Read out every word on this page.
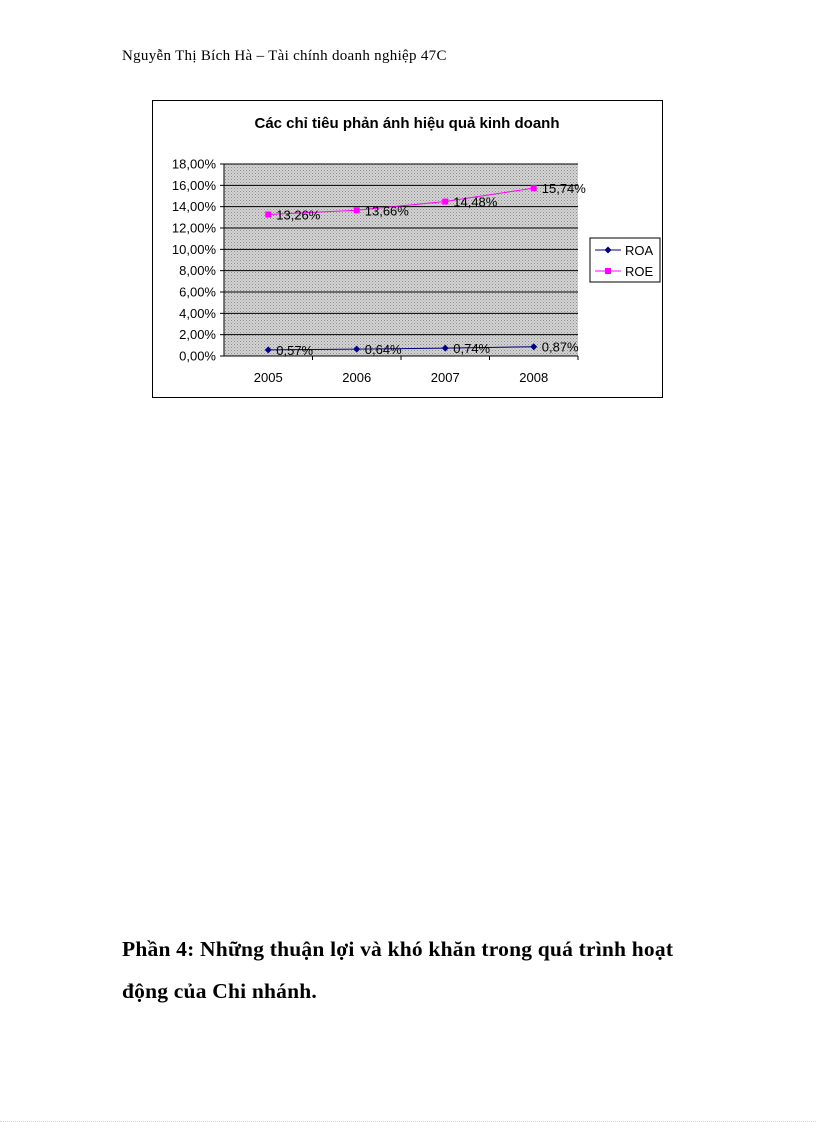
Nguyễn Thị Bích Hà – Tài chính doanh nghiệp 47C
Các chỉ tiêu phản ánh hiệu quả kinh doanh
0,00%
2,00%
4,00%
6,00%
8,00%
10,00%
12,00%
14,00%
16,00%
18,00%
2005	2006	2007	2008
0,57%	0,64%	0,74%	0,87%
13,26%	13,66%
14,48%
15,74%
ROA
ROE
Phần 4: Những thuận lợi và khó khăn trong quá trình hoạt động của Chi nhánh.
